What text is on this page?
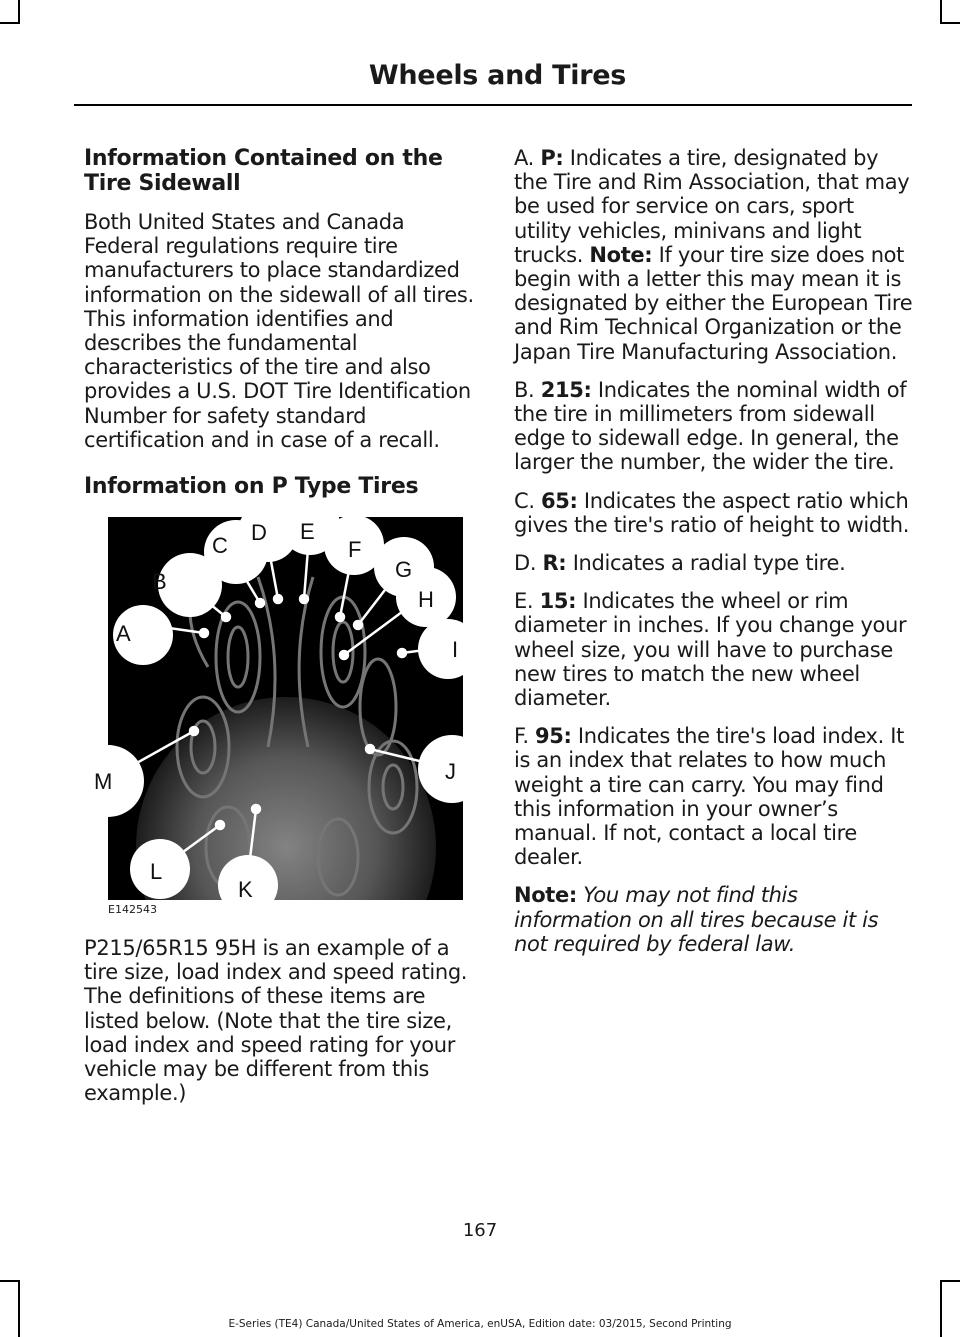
Wheels and Tires
Information Contained on the Tire Sidewall

Both United States and Canada Federal regulations require tire manufacturers to place standardized information on the sidewall of all tires. This information identifies and describes the fundamental characteristics of the tire and also provides a U.S. DOT Tire Identification Number for safety standard certification and in case of a recall.

Information on P Type Tires
A
B
C
D E
F
G
H
I
J
K
L
M
E142543

P215/65R15 95H is an example of a tire size, load index and speed rating. The definitions of these items are listed below. (Note that the tire size, load index and speed rating for your vehicle may be different from this example.)

A. P: Indicates a tire, designated by the Tire and Rim Association, that may be used for service on cars, sport utility vehicles, minivans and light trucks. Note: If your tire size does not begin with a letter this may mean it is designated by either the European Tire and Rim Technical Organization or the Japan Tire Manufacturing Association.

B. 215: Indicates the nominal width of the tire in millimeters from sidewall edge to sidewall edge. In general, the larger the number, the wider the tire.

C. 65: Indicates the aspect ratio which gives the tire's ratio of height to width.

D. R: Indicates a radial type tire.

E. 15: Indicates the wheel or rim diameter in inches. If you change your wheel size, you will have to purchase new tires to match the new wheel diameter.

F. 95: Indicates the tire's load index. It is an index that relates to how much weight a tire can carry. You may find this information in your owner’s manual. If not, contact a local tire dealer.

Note: You may not find this information on all tires because it is not required by federal law.

167
E-Series (TE4) Canada/United States of America, enUSA, Edition date: 03/2015, Second Printing
